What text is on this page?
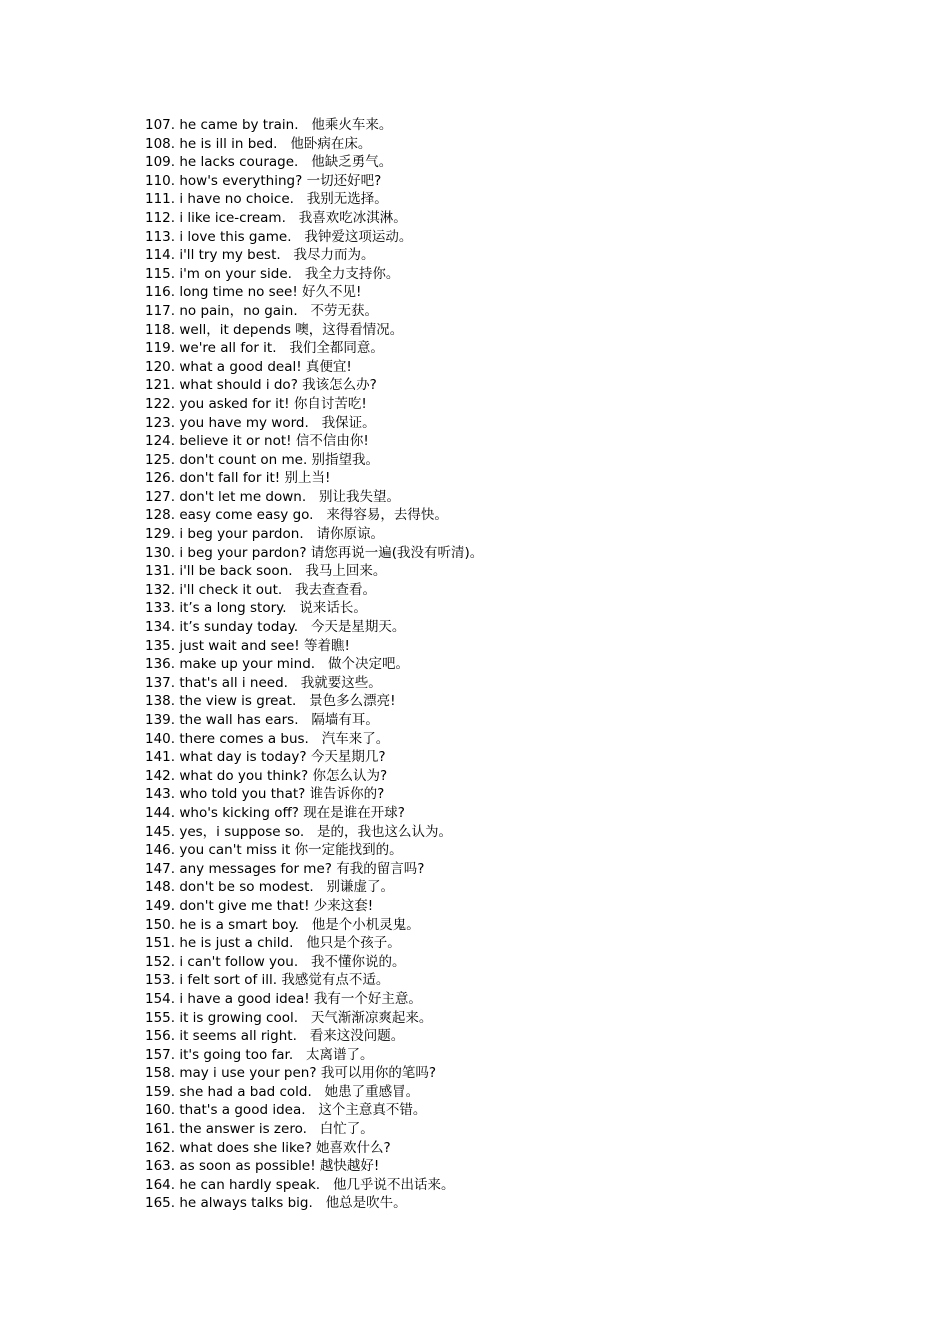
107. he came by train.   他乘火车来。
108. he is ill in bed.   他卧病在床。
109. he lacks courage.   他缺乏勇气。
110. how's everything? 一切还好吧?
111. i have no choice.   我别无选择。
112. i like ice-cream.   我喜欢吃冰淇淋。
113. i love this game.   我钟爱这项运动。
114. i'll try my best.   我尽力而为。
115. i'm on your side.   我全力支持你。
116. long time no see! 好久不见!
117. no pain，no gain.   不劳无获。
118. well，it depends 噢，这得看情况。
119. we're all for it.   我们全都同意。
120. what a good deal! 真便宜!
121. what should i do? 我该怎么办?
122. you asked for it! 你自讨苦吃!
123. you have my word.   我保证。
124. believe it or not! 信不信由你!
125. don't count on me. 别指望我。
126. don't fall for it! 别上当!
127. don't let me down.   别让我失望。
128. easy come easy go.   来得容易，去得快。
129. i beg your pardon.   请你原谅。
130. i beg your pardon? 请您再说一遍(我没有听清)。
131. i'll be back soon.   我马上回来。
132. i'll check it out.   我去查查看。
133. it’s a long story.   说来话长。
134. it’s sunday today.   今天是星期天。
135. just wait and see! 等着瞧!
136. make up your mind.   做个决定吧。
137. that's all i need.   我就要这些。
138. the view is great.   景色多么漂亮!
139. the wall has ears.   隔墙有耳。
140. there comes a bus.   汽车来了。
141. what day is today? 今天星期几?
142. what do you think? 你怎么认为?
143. who told you that? 谁告诉你的?
144. who's kicking off? 现在是谁在开球?
145. yes，i suppose so.   是的，我也这么认为。
146. you can't miss it 你一定能找到的。
147. any messages for me? 有我的留言吗?
148. don't be so modest.   别谦虚了。
149. don't give me that! 少来这套!
150. he is a smart boy.   他是个小机灵鬼。
151. he is just a child.   他只是个孩子。
152. i can't follow you.   我不懂你说的。
153. i felt sort of ill. 我感觉有点不适。
154. i have a good idea! 我有一个好主意。
155. it is growing cool.   天气渐渐凉爽起来。
156. it seems all right.   看来这没问题。
157. it's going too far.   太离谱了。
158. may i use your pen? 我可以用你的笔吗?
159. she had a bad cold.   她患了重感冒。
160. that's a good idea.   这个主意真不错。
161. the answer is zero.   白忙了。
162. what does she like? 她喜欢什么?
163. as soon as possible! 越快越好!
164. he can hardly speak.   他几乎说不出话来。
165. he always talks big.   他总是吹牛。
